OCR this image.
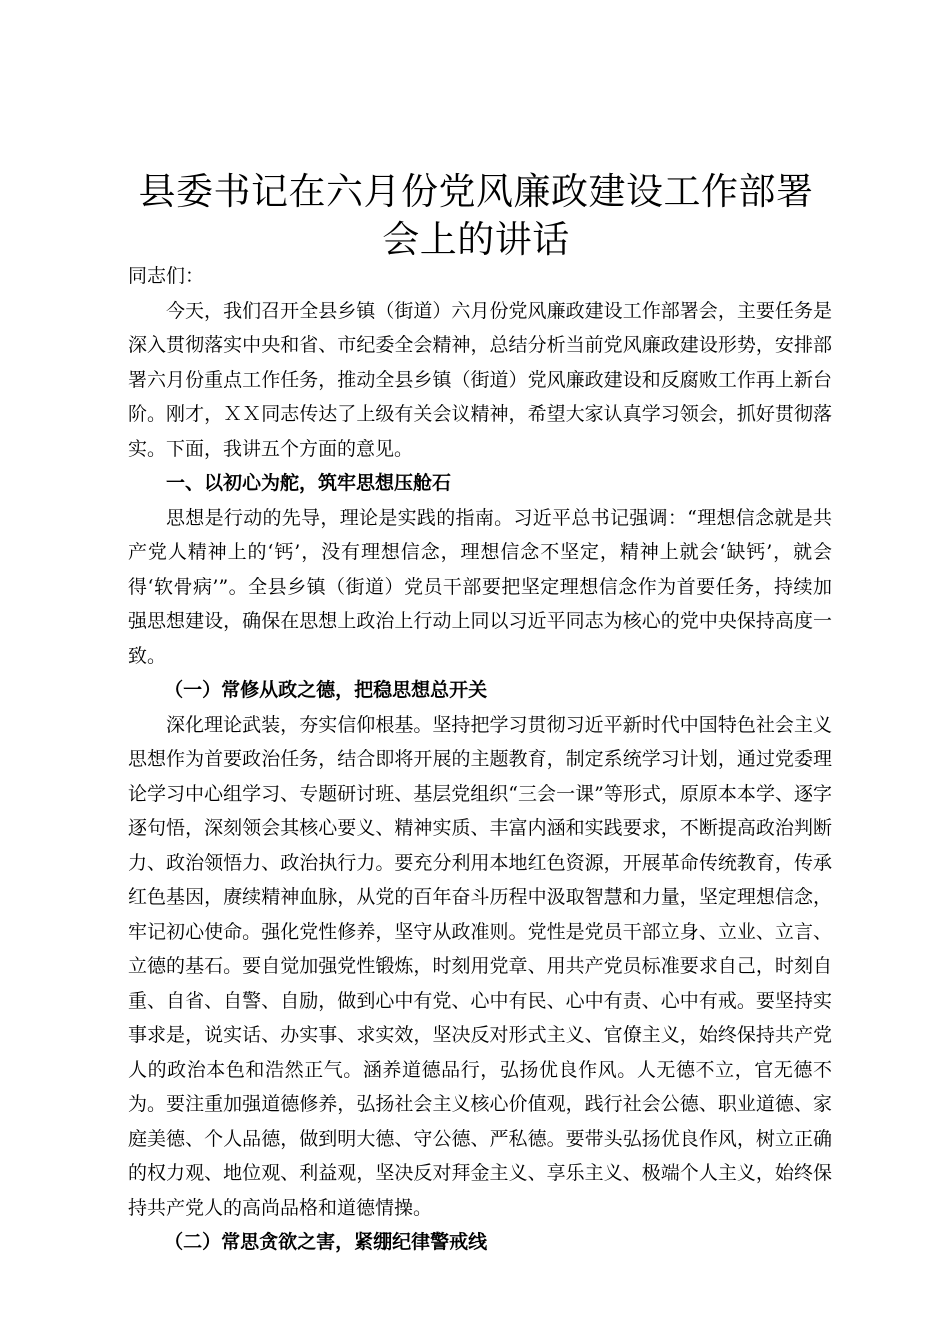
县委书记在六月份党风廉政建设工作部署会上的讲话

同志们：

今天，我们召开全县乡镇（街道）六月份党风廉政建设工作部署会，主要任务是深入贯彻落实中央和省、市纪委全会精神，总结分析当前党风廉政建设形势，安排部署六月份重点工作任务，推动全县乡镇（街道）党风廉政建设和反腐败工作再上新台阶。刚才，ＸＸ同志传达了上级有关会议精神，希望大家认真学习领会，抓好贯彻落实。下面，我讲五个方面的意见。

一、以初心为舵，筑牢思想压舱石

思想是行动的先导，理论是实践的指南。习近平总书记强调：“理想信念就是共产党人精神上的‘钙’，没有理想信念，理想信念不坚定，精神上就会‘缺钙’，就会得‘软骨病’”。全县乡镇（街道）党员干部要把坚定理想信念作为首要任务，持续加强思想建设，确保在思想上政治上行动上同以习近平同志为核心的党中央保持高度一致。

（一）常修从政之德，把稳思想总开关

深化理论武装，夯实信仰根基。坚持把学习贯彻习近平新时代中国特色社会主义思想作为首要政治任务，结合即将开展的主题教育，制定系统学习计划，通过党委理论学习中心组学习、专题研讨班、基层党组织“三会一课”等形式，原原本本学、逐字逐句悟，深刻领会其核心要义、精神实质、丰富内涵和实践要求，不断提高政治判断力、政治领悟力、政治执行力。要充分利用本地红色资源，开展革命传统教育，传承红色基因，赓续精神血脉，从党的百年奋斗历程中汲取智慧和力量，坚定理想信念，牢记初心使命。强化党性修养，坚守从政准则。党性是党员干部立身、立业、立言、立德的基石。要自觉加强党性锻炼，时刻用党章、用共产党员标准要求自己，时刻自重、自省、自警、自励，做到心中有党、心中有民、心中有责、心中有戒。要坚持实事求是，说实话、办实事、求实效，坚决反对形式主义、官僚主义，始终保持共产党人的政治本色和浩然正气。涵养道德品行，弘扬优良作风。人无德不立，官无德不为。要注重加强道德修养，弘扬社会主义核心价值观，践行社会公德、职业道德、家庭美德、个人品德，做到明大德、守公德、严私德。要带头弘扬优良作风，树立正确的权力观、地位观、利益观，坚决反对拜金主义、享乐主义、极端个人主义，始终保持共产党人的高尚品格和道德情操。

（二）常思贪欲之害，紧绷纪律警戒线
